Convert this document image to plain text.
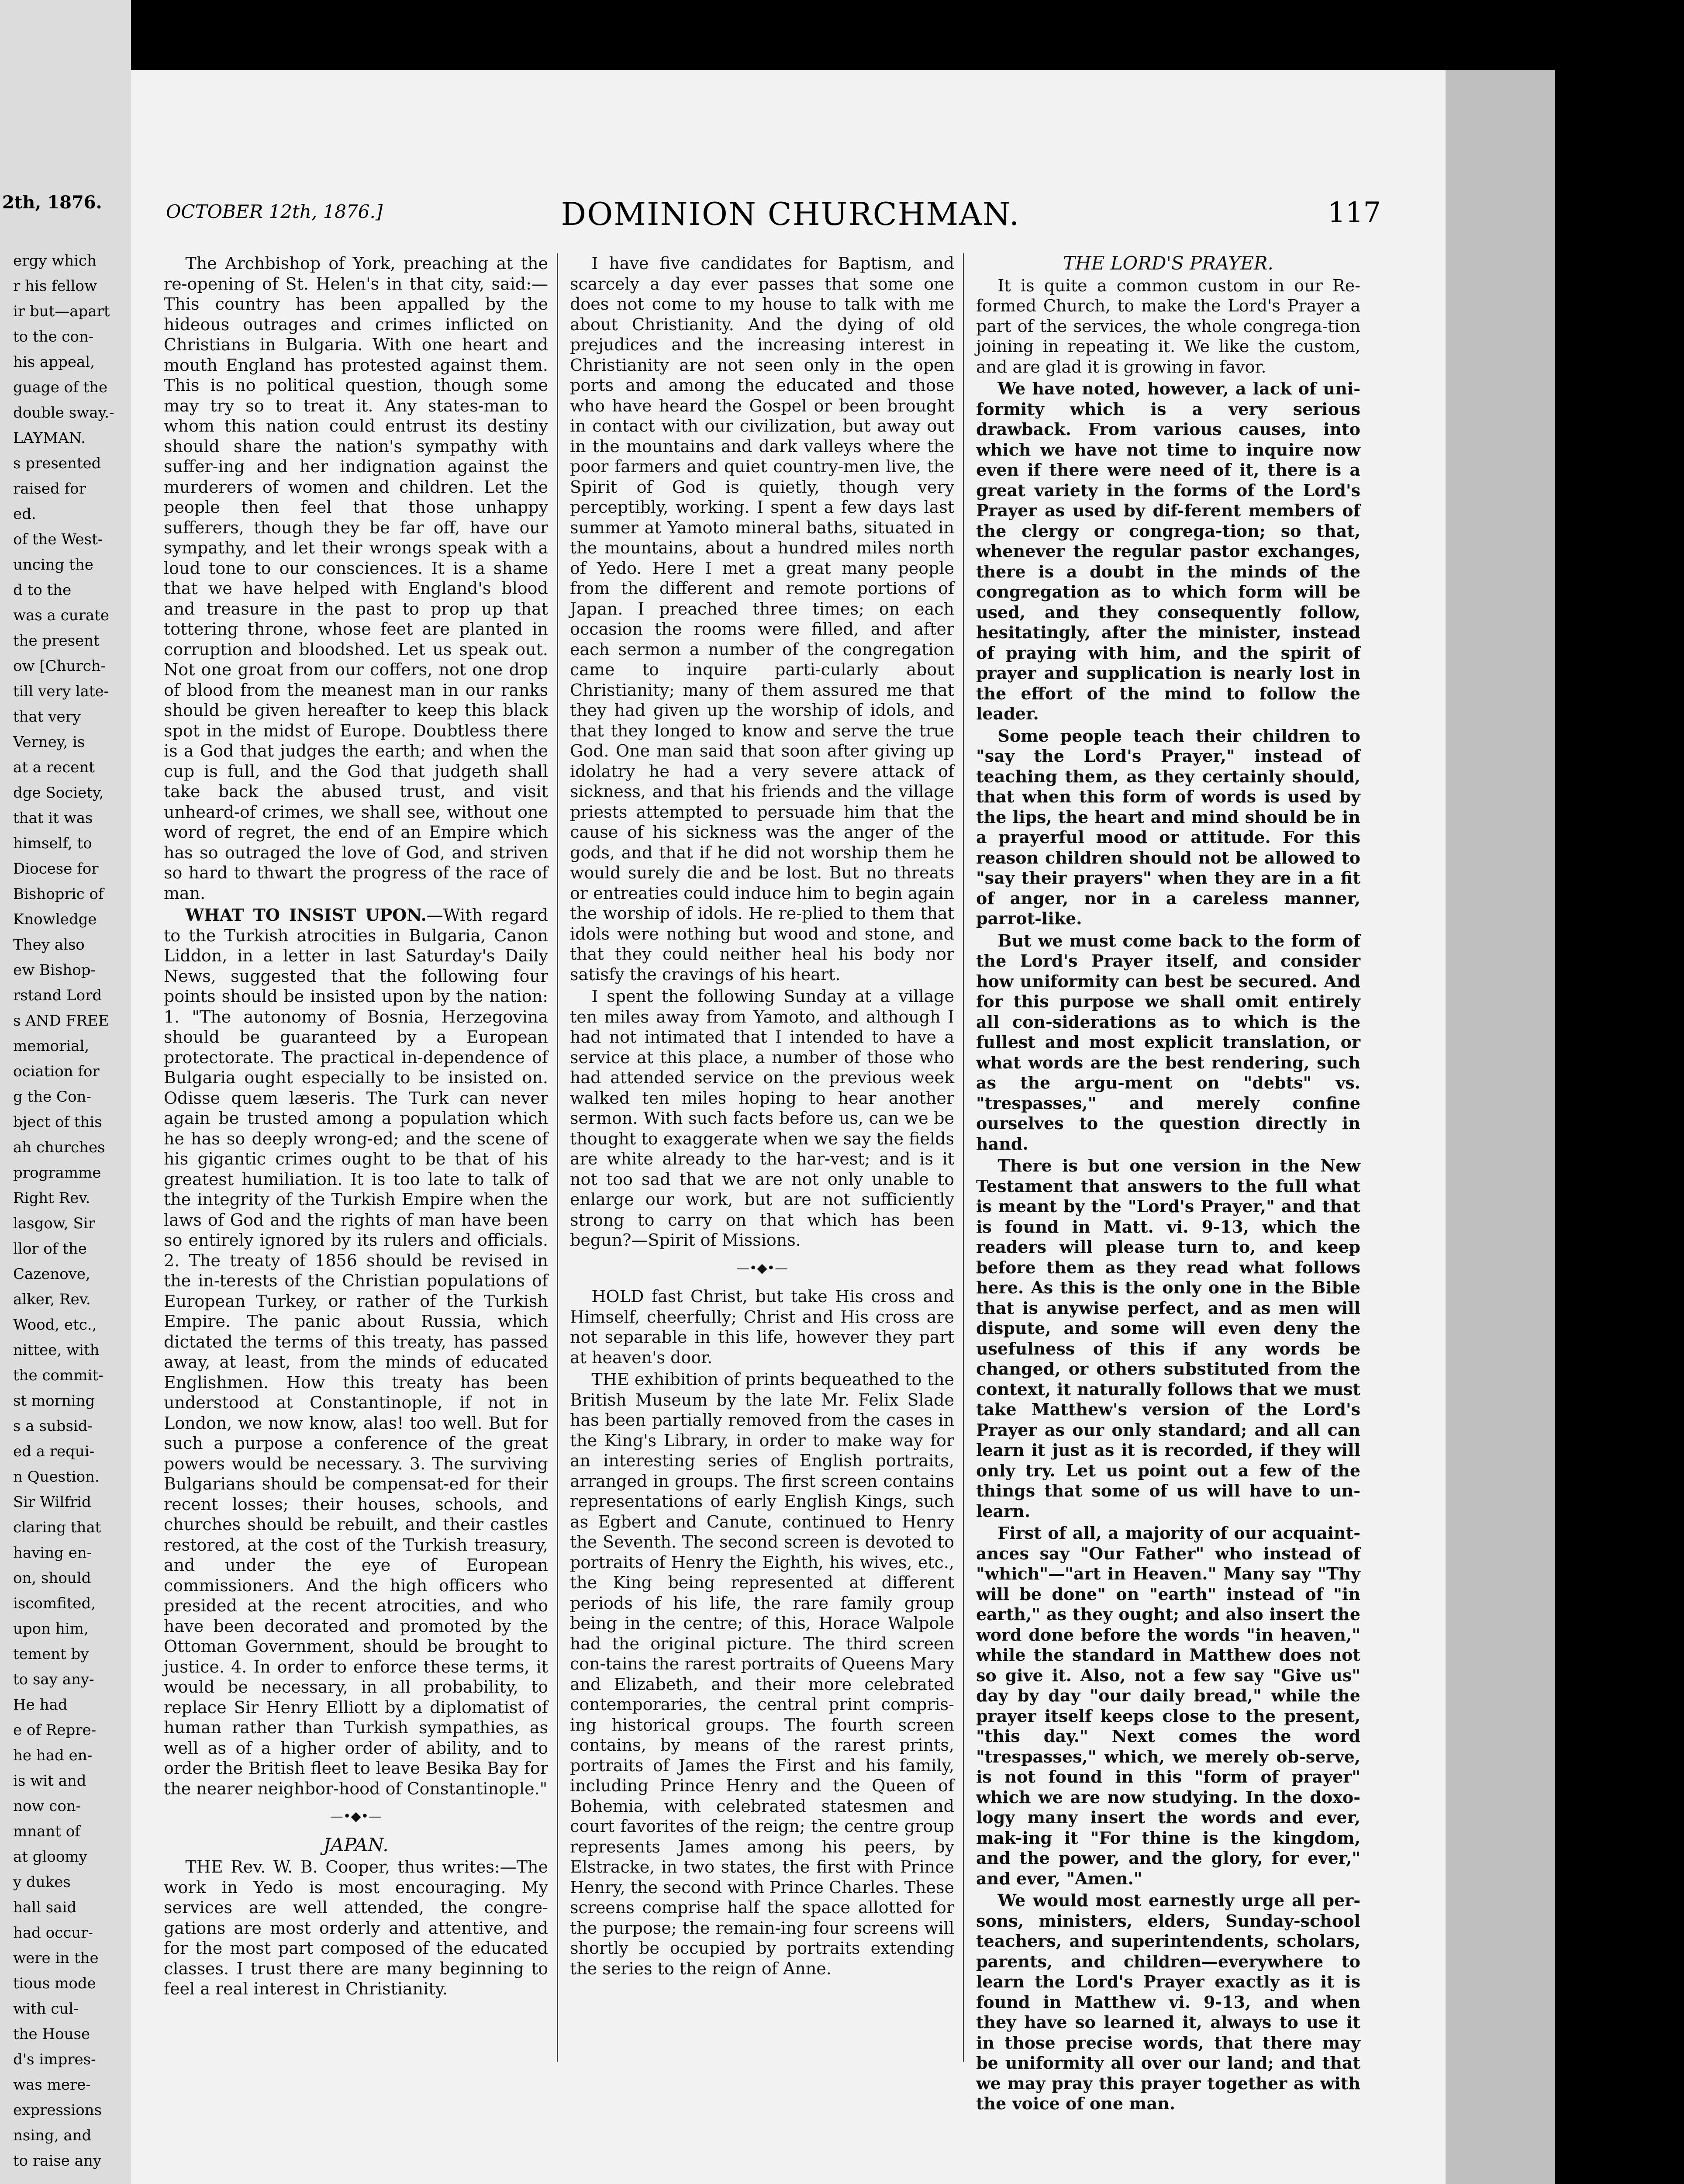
2th, 1876.
ergy which
r his fellow
ir but—apart
to the con-
his appeal,
guage of the
double sway.-
LAYMAN.
s presented
raised for
ed.
of the West-
uncing the
d to the
was a curate
the present
ow [Church-
till very late-
that very
Verney, is
at a recent
dge Society,
that it was
himself, to
Diocese for
Bishopric of
Knowledge
They also
ew Bishop-
rstand Lord
s AND FREE
memorial,
ociation for
g the Con-
bject of this
ah churches
programme
Right Rev.
lasgow, Sir
llor of the
Cazenove,
alker, Rev.
Wood, etc.,
nittee, with
the commit-
st morning
s a subsid-
ed a requi-
n Question.
Sir Wilfrid
claring that
having en-
on, should
iscomfited,
upon him,
tement by
to say any-
He had
e of Repre-
he had en-
is wit and
now con-
mnant of
at gloomy
y dukes
hall said
had occur-
were in the
tious mode
with cul-
the House
d's impres-
was mere-
expressions
nsing, and
to raise any
OCTOBER 12th, 1876.]	DOMINION CHURCHMAN.	117

The Archbishop of York, preaching at the re-opening of St. Helen's in that city, said:—This country has been appalled by the hideous outrages and crimes inflicted on Christians in Bulgaria. With one heart and mouth England has protested against them. This is no political question, though some may try so to treat it. Any states-man to whom this nation could entrust its destiny should share the nation's sympathy with suffer-ing and her indignation against the murderers of women and children. Let the people then feel that those unhappy sufferers, though they be far off, have our sympathy, and let their wrongs speak with a loud tone to our consciences. It is a shame that we have helped with England's blood and treasure in the past to prop up that tottering throne, whose feet are planted in corruption and bloodshed. Let us speak out. Not one groat from our coffers, not one drop of blood from the meanest man in our ranks should be given hereafter to keep this black spot in the midst of Europe. Doubtless there is a God that judges the earth; and when the cup is full, and the God that judgeth shall take back the abused trust, and visit unheard-of crimes, we shall see, without one word of regret, the end of an Empire which has so outraged the love of God, and striven so hard to thwart the progress of the race of man.

WHAT TO INSIST UPON.—With regard to the Turkish atrocities in Bulgaria, Canon Liddon, in a letter in last Saturday's Daily News, suggested that the following four points should be insisted upon by the nation: 1. "The autonomy of Bosnia, Herzegovina should be guaranteed by a European protectorate. The practical in-dependence of Bulgaria ought especially to be insisted on. Odisse quem læseris. The Turk can never again be trusted among a population which he has so deeply wrong-ed; and the scene of his gigantic crimes ought to be that of his greatest humiliation. It is too late to talk of the integrity of the Turkish Empire when the laws of God and the rights of man have been so entirely ignored by its rulers and officials. 2. The treaty of 1856 should be revised in the in-terests of the Christian populations of European Turkey, or rather of the Turkish Empire. The panic about Russia, which dictated the terms of this treaty, has passed away, at least, from the minds of educated Englishmen. How this treaty has been understood at Constantinople, if not in London, we now know, alas! too well. But for such a purpose a conference of the great powers would be necessary. 3. The surviving Bulgarians should be compensat-ed for their recent losses; their houses, schools, and churches should be rebuilt, and their castles restored, at the cost of the Turkish treasury, and under the eye of European commissioners. And the high officers who presided at the recent atrocities, and who have been decorated and promoted by the Ottoman Government, should be brought to justice. 4. In order to enforce these terms, it would be necessary, in all probability, to replace Sir Henry Elliott by a diplomatist of human rather than Turkish sympathies, as well as of a higher order of ability, and to order the British fleet to leave Besika Bay for the nearer neighbor-hood of Constantinople."

—•◆•—

JAPAN.

THE Rev. W. B. Cooper, thus writes:—The work in Yedo is most encouraging. My services are well attended, the congre-gations are most orderly and attentive, and for the most part composed of the educated classes. I trust there are many beginning to feel a real interest in Christianity.

I have five candidates for Baptism, and scarcely a day ever passes that some one does not come to my house to talk with me about Christianity. And the dying of old prejudices and the increasing interest in Christianity are not seen only in the open ports and among the educated and those who have heard the Gospel or been brought in contact with our civilization, but away out in the mountains and dark valleys where the poor farmers and quiet country-men live, the Spirit of God is quietly, though very perceptibly, working. I spent a few days last summer at Yamoto mineral baths, situated in the mountains, about a hundred miles north of Yedo. Here I met a great many people from the different and remote portions of Japan. I preached three times; on each occasion the rooms were filled, and after each sermon a number of the congregation came to inquire parti-cularly about Christianity; many of them assured me that they had given up the worship of idols, and that they longed to know and serve the true God. One man said that soon after giving up idolatry he had a very severe attack of sickness, and that his friends and the village priests attempted to persuade him that the cause of his sickness was the anger of the gods, and that if he did not worship them he would surely die and be lost. But no threats or entreaties could induce him to begin again the worship of idols. He re-plied to them that idols were nothing but wood and stone, and that they could neither heal his body nor satisfy the cravings of his heart.

I spent the following Sunday at a village ten miles away from Yamoto, and although I had not intimated that I intended to have a service at this place, a number of those who had attended service on the previous week walked ten miles hoping to hear another sermon. With such facts before us, can we be thought to exaggerate when we say the fields are white already to the har-vest; and is it not too sad that we are not only unable to enlarge our work, but are not sufficiently strong to carry on that which has been begun?—Spirit of Missions.

—•◆•—

HOLD fast Christ, but take His cross and Himself, cheerfully; Christ and His cross are not separable in this life, however they part at heaven's door.

THE exhibition of prints bequeathed to the British Museum by the late Mr. Felix Slade has been partially removed from the cases in the King's Library, in order to make way for an interesting series of English portraits, arranged in groups. The first screen contains representations of early English Kings, such as Egbert and Canute, continued to Henry the Seventh. The second screen is devoted to portraits of Henry the Eighth, his wives, etc., the King being represented at different periods of his life, the rare family group being in the centre; of this, Horace Walpole had the original picture. The third screen con-tains the rarest portraits of Queens Mary and Elizabeth, and their more celebrated contemporaries, the central print compris-ing historical groups. The fourth screen contains, by means of the rarest prints, portraits of James the First and his family, including Prince Henry and the Queen of Bohemia, with celebrated statesmen and court favorites of the reign; the centre group represents James among his peers, by Elstracke, in two states, the first with Prince Henry, the second with Prince Charles. These screens comprise half the space allotted for the purpose; the remain-ing four screens will shortly be occupied by portraits extending the series to the reign of Anne.

THE LORD'S PRAYER.

It is quite a common custom in our Re-formed Church, to make the Lord's Prayer a part of the services, the whole congrega-tion joining in repeating it. We like the custom, and are glad it is growing in favor.

We have noted, however, a lack of uni-formity which is a very serious drawback. From various causes, into which we have not time to inquire now even if there were need of it, there is a great variety in the forms of the Lord's Prayer as used by dif-ferent members of the clergy or congrega-tion; so that, whenever the regular pastor exchanges, there is a doubt in the minds of the congregation as to which form will be used, and they consequently follow, hesitatingly, after the minister, instead of praying with him, and the spirit of prayer and supplication is nearly lost in the effort of the mind to follow the leader.

Some people teach their children to "say the Lord's Prayer," instead of teaching them, as they certainly should, that when this form of words is used by the lips, the heart and mind should be in a prayerful mood or attitude. For this reason children should not be allowed to "say their prayers" when they are in a fit of anger, nor in a careless manner, parrot-like.

But we must come back to the form of the Lord's Prayer itself, and consider how uniformity can best be secured. And for this purpose we shall omit entirely all con-siderations as to which is the fullest and most explicit translation, or what words are the best rendering, such as the argu-ment on "debts" vs. "trespasses," and merely confine ourselves to the question directly in hand.

There is but one version in the New Testament that answers to the full what is meant by the "Lord's Prayer," and that is found in Matt. vi. 9-13, which the readers will please turn to, and keep before them as they read what follows here. As this is the only one in the Bible that is anywise perfect, and as men will dispute, and some will even deny the usefulness of this if any words be changed, or others substituted from the context, it naturally follows that we must take Matthew's version of the Lord's Prayer as our only standard; and all can learn it just as it is recorded, if they will only try. Let us point out a few of the things that some of us will have to un-learn.

First of all, a majority of our acquaint-ances say "Our Father" who instead of "which"—"art in Heaven." Many say "Thy will be done" on "earth" instead of "in earth," as they ought; and also insert the word done before the words "in heaven," while the standard in Matthew does not so give it. Also, not a few say "Give us" day by day "our daily bread," while the prayer itself keeps close to the present, "this day." Next comes the word "trespasses," which, we merely ob-serve, is not found in this "form of prayer" which we are now studying. In the doxo-logy many insert the words and ever, mak-ing it "For thine is the kingdom, and the power, and the glory, for ever," and ever, "Amen."

We would most earnestly urge all per-sons, ministers, elders, Sunday-school teachers, and superintendents, scholars, parents, and children—everywhere to learn the Lord's Prayer exactly as it is found in Matthew vi. 9-13, and when they have so learned it, always to use it in those precise words, that there may be uniformity all over our land; and that we may pray this prayer together as with the voice of one man.
